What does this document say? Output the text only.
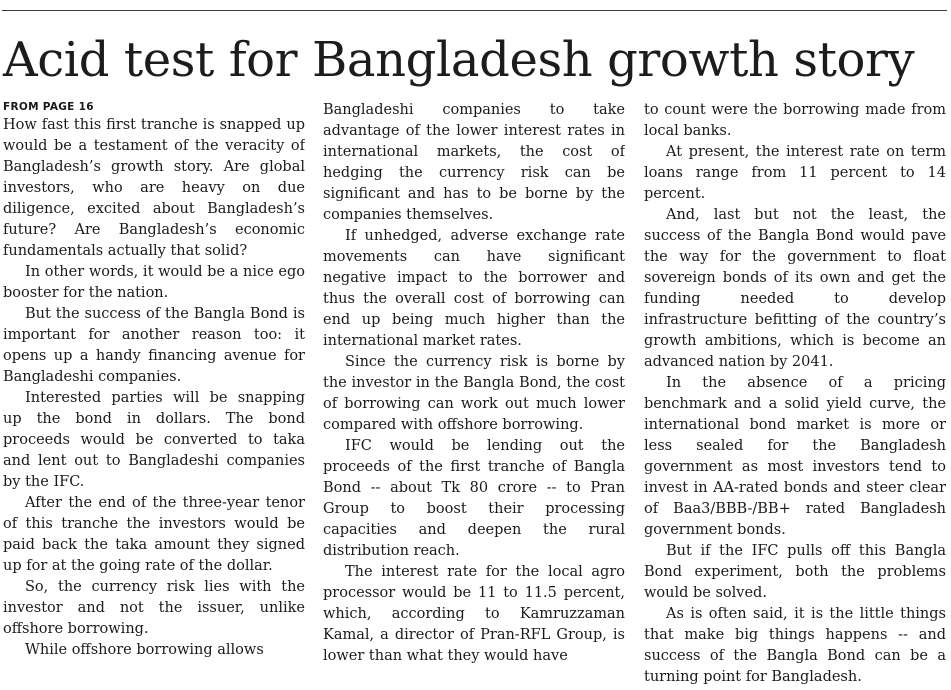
Acid test for Bangladesh growth story
FROM PAGE 16

How fast this first tranche is snapped up would be a testament of the veracity of Bangladesh’s growth story. Are global investors, who are heavy on due diligence, excited about Bangladesh’s future? Are Bangladesh’s economic fundamentals actually that solid?

In other words, it would be a nice ego booster for the nation.

But the success of the Bangla Bond is important for another reason too: it opens up a handy financing avenue for Bangladeshi companies.

Interested parties will be snapping up the bond in dollars. The bond proceeds would be converted to taka and lent out to Bangladeshi companies by the IFC.

After the end of the three-year tenor of this tranche the investors would be paid back the taka amount they signed up for at the going rate of the dollar.

So, the currency risk lies with the investor and not the issuer, unlike offshore borrowing.

While offshore borrowing allows

Bangladeshi companies to take advantage of the lower interest rates in international markets, the cost of hedging the currency risk can be significant and has to be borne by the companies themselves.

If unhedged, adverse exchange rate movements can have significant negative impact to the borrower and thus the overall cost of borrowing can end up being much higher than the international market rates.

Since the currency risk is borne by the investor in the Bangla Bond, the cost of borrowing can work out much lower compared with offshore borrowing.

IFC would be lending out the proceeds of the first tranche of Bangla Bond -- about Tk 80 crore -- to Pran Group to boost their processing capacities and deepen the rural distribution reach.

The interest rate for the local agro processor would be 11 to 11.5 percent, which, according to Kamruzzaman Kamal, a director of Pran-RFL Group, is lower than what they would have

to count were the borrowing made from local banks.

At present, the interest rate on term loans range from 11 percent to 14 percent.

And, last but not the least, the success of the Bangla Bond would pave the way for the government to float sovereign bonds of its own and get the funding needed to develop infrastructure befitting of the country’s growth ambitions, which is become an advanced nation by 2041.

In the absence of a pricing benchmark and a solid yield curve, the international bond market is more or less sealed for the Bangladesh government as most investors tend to invest in AA-rated bonds and steer clear of Baa3/BBB-/BB+ rated Bangladesh government bonds.

But if the IFC pulls off this Bangla Bond experiment, both the problems would be solved.

As is often said, it is the little things that make big things happens -- and success of the Bangla Bond can be a turning point for Bangladesh.
